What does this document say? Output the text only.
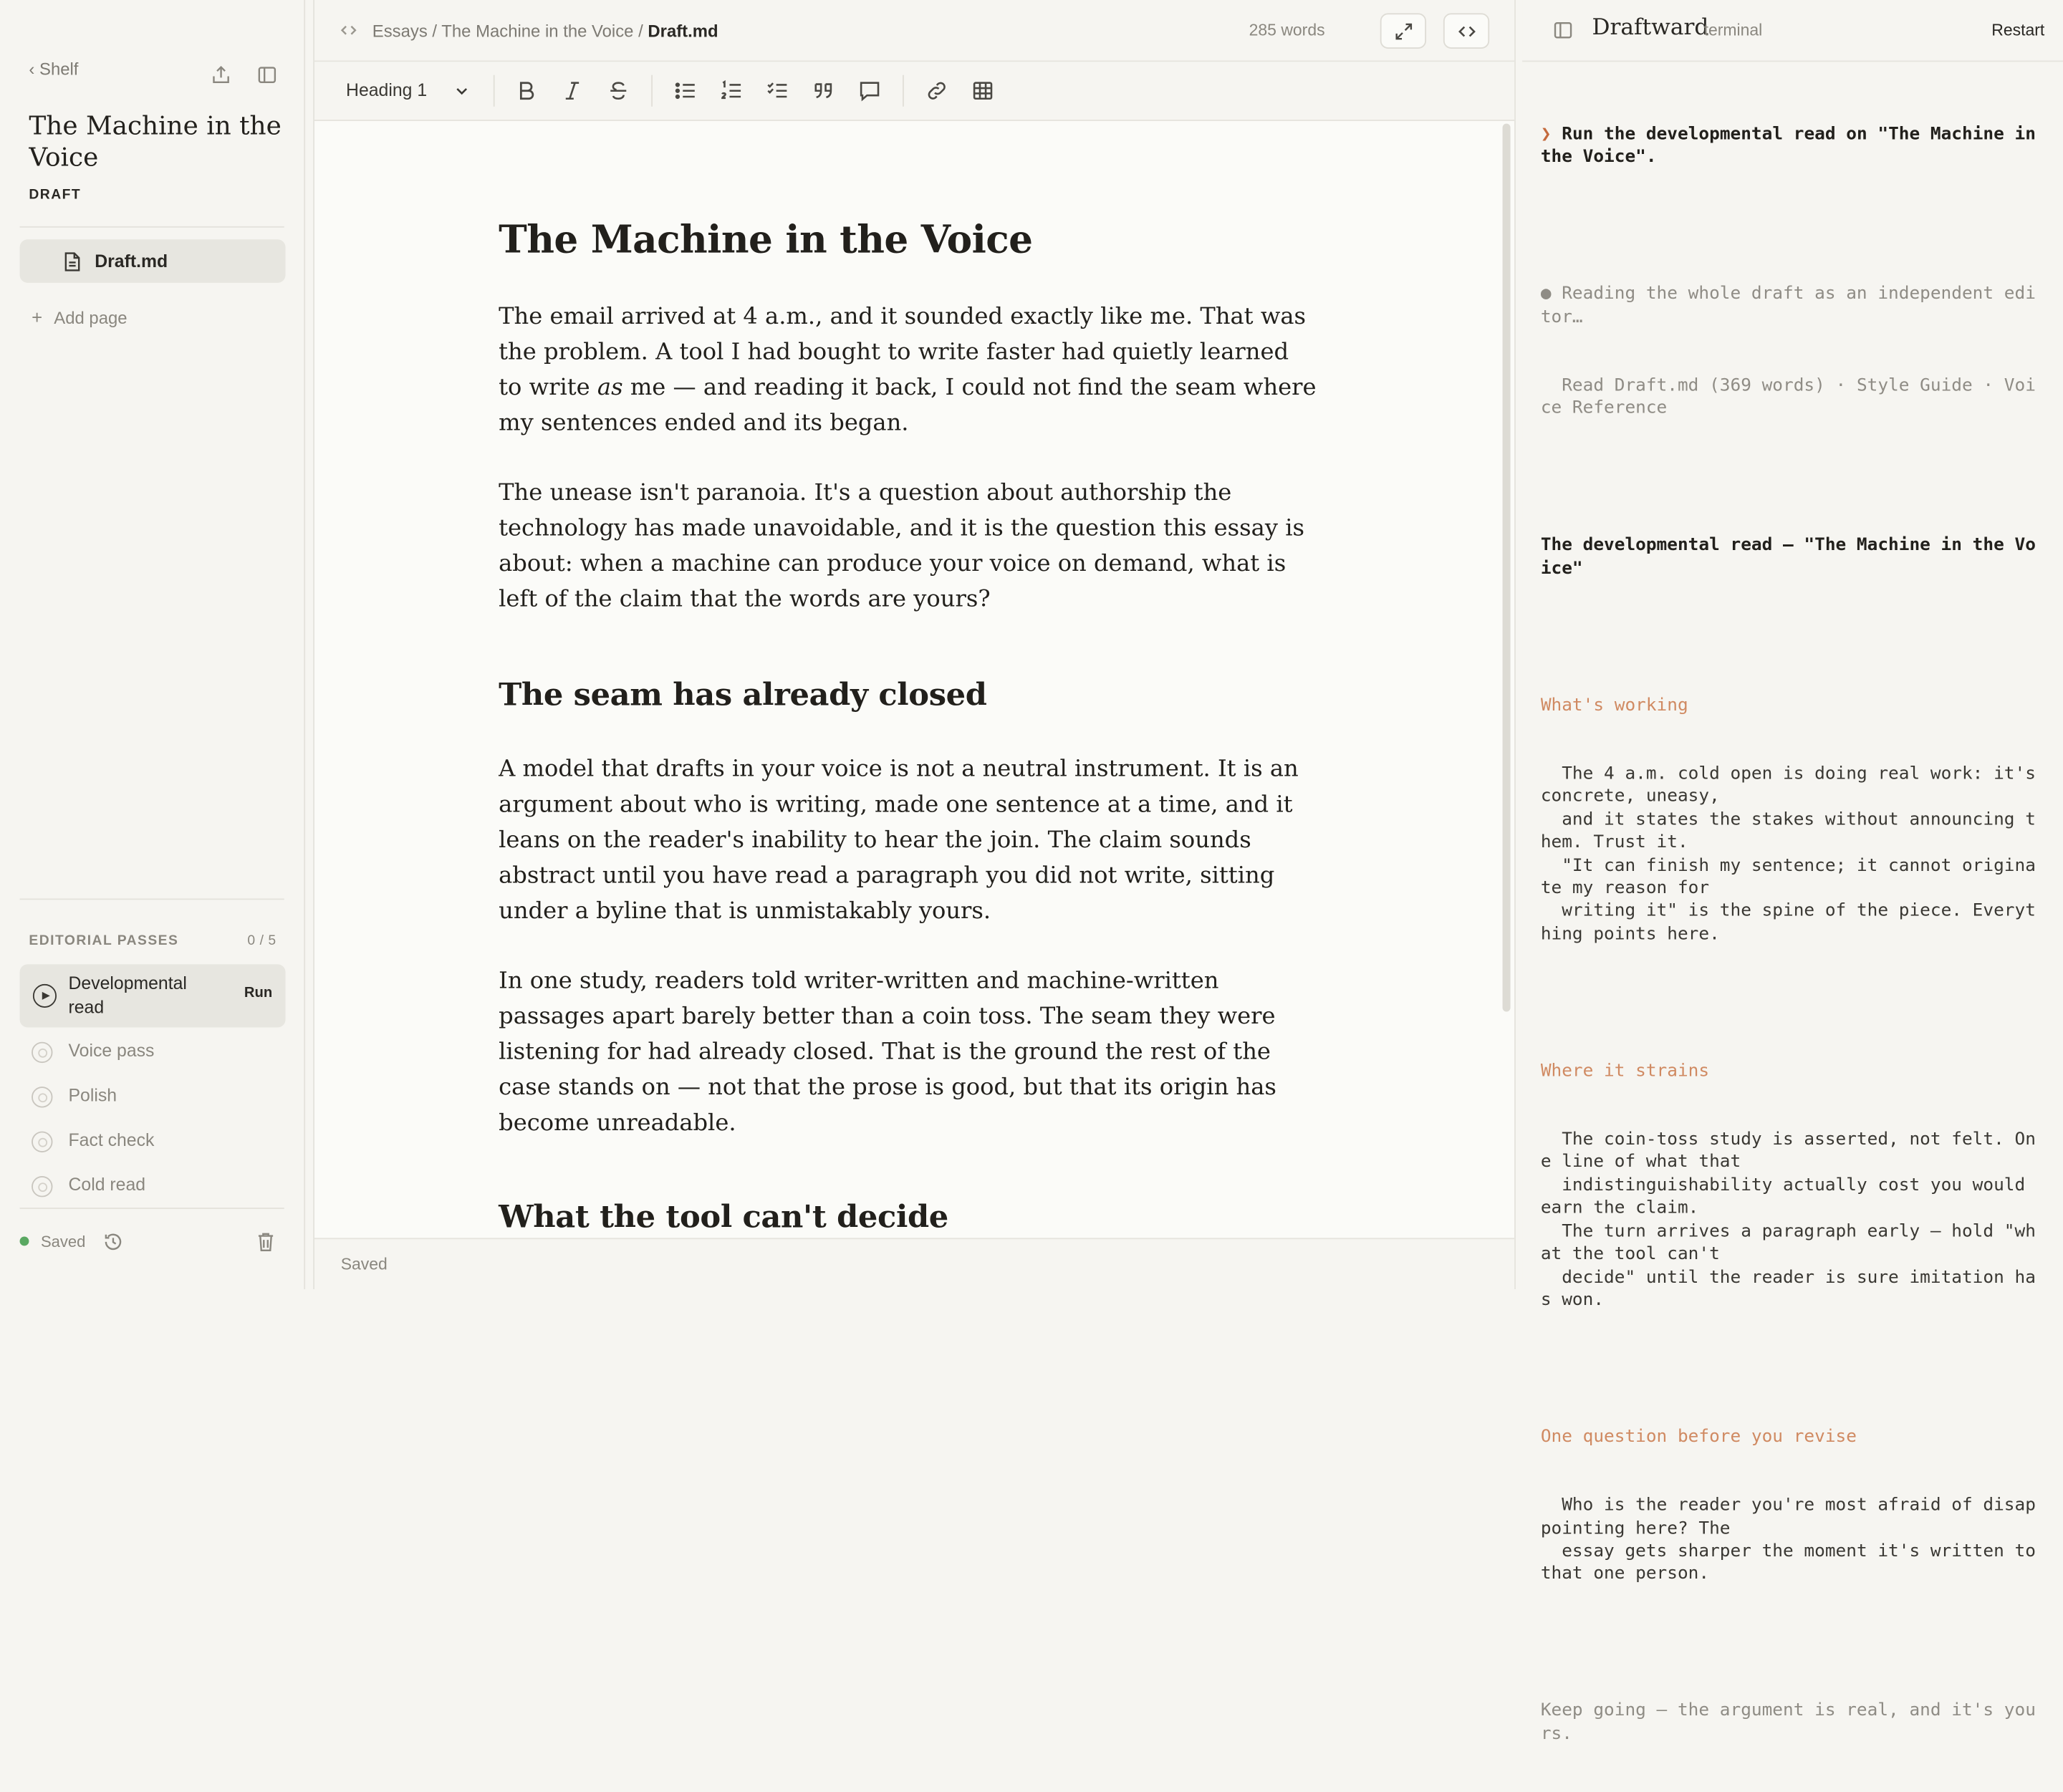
‹ Shelf
The Machine in the Voice
DRAFT
Draft.md
+ Add page
EDITORIAL PASSES	0 / 5
Developmental read
Run
Voice pass
Polish
Fact check
Cold read
Saved
Essays / The Machine in the Voice / Draft.md	285 words
Heading 1
The Machine in the Voice

The email arrived at 4 a.m., and it sounded exactly like me. That was the problem. A tool I had bought to write faster had quietly learned to write as me — and reading it back, I could not find the seam where my sentences ended and its began.

The unease isn't paranoia. It's a question about authorship the technology has made unavoidable, and it is the question this essay is about: when a machine can produce your voice on demand, what is left of the claim that the words are yours?

The seam has already closed

A model that drafts in your voice is not a neutral instrument. It is an argument about who is writing, made one sentence at a time, and it leans on the reader's inability to hear the join. The claim sounds abstract until you have read a paragraph you did not write, sitting under a byline that is unmistakably yours.

In one study, readers told writer-written and machine-written passages apart barely better than a coin toss. The seam they were listening for had already closed. That is the ground the rest of the case stands on — not that the prose is good, but that its origin has become unreadable.

What the tool can't decide
Saved
Draftward
terminal	Restart

❯ Run the developmental read on "The Machine in the Voice".

● Reading the whole draft as an independent editor…

Read Draft.md (369 words) · Style Guide · Voice Reference

The developmental read — "The Machine in the Voice"

What's working

The 4 a.m. cold open is doing real work: it's concrete, uneasy,
and it states the stakes without announcing them. Trust it.
"It can finish my sentence; it cannot originate my reason for
writing it" is the spine of the piece. Everything points here.

Where it strains

The coin-toss study is asserted, not felt. One line of what that
indistinguishability actually cost you would earn the claim.
The turn arrives a paragraph early — hold "what the tool can't
decide" until the reader is sure imitation has won.

One question before you revise

Who is the reader you're most afraid of disappointing here? The
essay gets sharper the moment it's written to that one person.

Keep going — the argument is real, and it's yours.
